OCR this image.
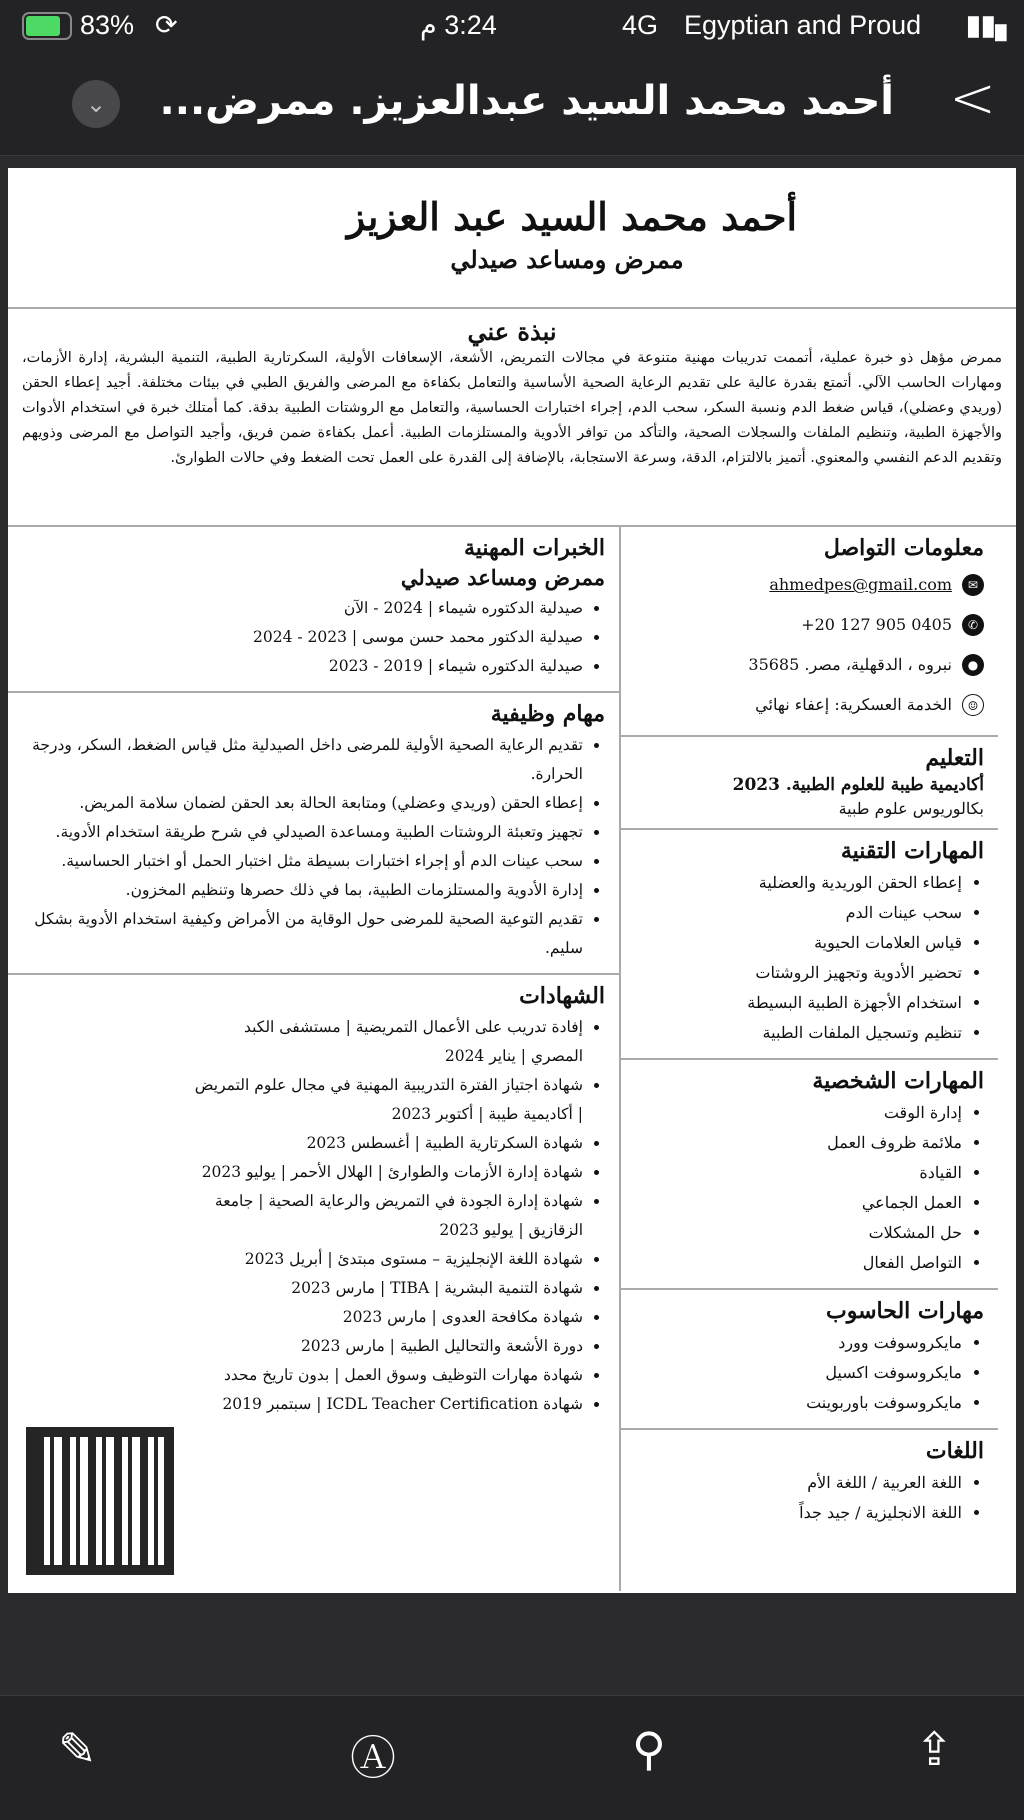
83% ⟳	3:24 م	4G Egyptian and Proud ▮▮▖
<
أحمد محمد السيد عبدالعزيز. ممرض...
⌄
أحمد محمد السيد عبد العزيز
ممرض ومساعد صيدلي
نبذة عني

ممرض مؤهل ذو خبرة عملية، أتممت تدريبات مهنية متنوعة في مجالات التمريض، الأشعة، الإسعافات الأولية، السكرتارية الطبية، التنمية البشرية، إدارة الأزمات، ومهارات الحاسب الآلي. أتمتع بقدرة عالية على تقديم الرعاية الصحية الأساسية والتعامل بكفاءة مع المرضى والفريق الطبي في بيئات مختلفة. أجيد إعطاء الحقن (وريدي وعضلي)، قياس ضغط الدم ونسبة السكر، سحب الدم، إجراء اختبارات الحساسية، والتعامل مع الروشتات الطبية بدقة. كما أمتلك خبرة في استخدام الأدوات والأجهزة الطبية، وتنظيم الملفات والسجلات الصحية، والتأكد من توافر الأدوية والمستلزمات الطبية. أعمل بكفاءة ضمن فريق، وأجيد التواصل مع المرضى وذويهم وتقديم الدعم النفسي والمعنوي. أتميز بالالتزام، الدقة، وسرعة الاستجابة، بالإضافة إلى القدرة على العمل تحت الضغط وفي حالات الطوارئ.

معلومات التواصل
✉
ahmedpes@gmail.com
✆
+20 127 905 0405
●
نبروه ، الدقهلية، مصر. 35685
☺
الخدمة العسكرية: إعفاء نهائي
التعليم
أكاديمية طيبة للعلوم الطبية. 2023
بكالوريوس علوم طبية
المهارات التقنية
• إعطاء الحقن الوريدية والعضلية
• سحب عينات الدم
• قياس العلامات الحيوية
• تحضير الأدوية وتجهيز الروشتات
• استخدام الأجهزة الطبية البسيطة
• تنظيم وتسجيل الملفات الطبية
المهارات الشخصية
• إدارة الوقت
• ملائمة ظروف العمل
• القيادة
• العمل الجماعي
• حل المشكلات
• التواصل الفعال
مهارات الحاسوب
• مايكروسوفت وورد
• مايكروسوفت اكسيل
• مايكروسوفت باوربوينت
اللغات
• اللغة العربية / اللغة الأم
• اللغة الانجليزية / جيد جداً
الخبرات المهنية
ممرض ومساعد صيدلي
• صيدلية الدكتوره شيماء | 2024 - الآن
• صيدلية الدكتور محمد حسن موسى | 2023 - 2024
• صيدلية الدكتوره شيماء | 2019 - 2023
مهام وظيفية
• تقديم الرعاية الصحية الأولية للمرضى داخل الصيدلية مثل قياس الضغط، السكر، ودرجة الحرارة.
• إعطاء الحقن (وريدي وعضلي) ومتابعة الحالة بعد الحقن لضمان سلامة المريض.
• تجهيز وتعبئة الروشتات الطبية ومساعدة الصيدلي في شرح طريقة استخدام الأدوية.
• سحب عينات الدم أو إجراء اختبارات بسيطة مثل اختبار الحمل أو اختبار الحساسية.
• إدارة الأدوية والمستلزمات الطبية، بما في ذلك حصرها وتنظيم المخزون.
• تقديم التوعية الصحية للمرضى حول الوقاية من الأمراض وكيفية استخدام الأدوية بشكل سليم.
الشهادات
• إفادة تدريب على الأعمال التمريضية | مستشفى الكبد المصري | يناير 2024
• شهادة اجتياز الفترة التدريبية المهنية في مجال علوم التمريض | أكاديمية طيبة | أكتوبر 2023
• شهادة السكرتارية الطبية | أغسطس 2023
• شهادة إدارة الأزمات والطوارئ | الهلال الأحمر | يوليو 2023
• شهادة إدارة الجودة في التمريض والرعاية الصحية | جامعة الزقازيق | يوليو 2023
• شهادة اللغة الإنجليزية – مستوى مبتدئ | أبريل 2023
• شهادة التنمية البشرية | TIBA | مارس 2023
• شهادة مكافحة العدوى | مارس 2023
• دورة الأشعة والتحاليل الطبية | مارس 2023
• شهادة مهارات التوظيف وسوق العمل | بدون تاريخ محدد
• شهادة ICDL Teacher Certification | سبتمبر 2019
✎	Ⓐ	⚲	⇪
